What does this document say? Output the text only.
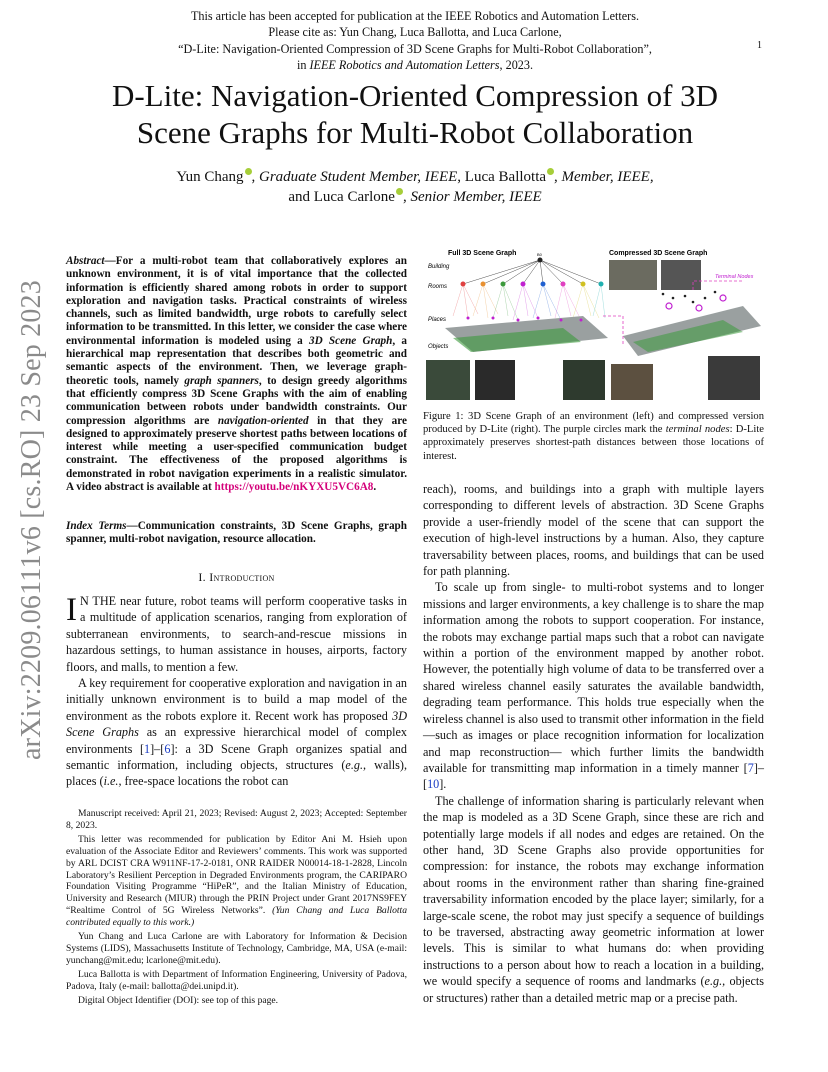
This article has been accepted for publication at the IEEE Robotics and Automation Letters.
Please cite as: Yun Chang, Luca Ballotta, and Luca Carlone,
“D-Lite: Navigation-Oriented Compression of 3D Scene Graphs for Multi-Robot Collaboration”,
in IEEE Robotics and Automation Letters, 2023.
1
D-Lite: Navigation-Oriented Compression of 3D
Scene Graphs for Multi-Robot Collaboration
Yun Chang , Graduate Student Member, IEEE, Luca Ballotta , Member, IEEE,
and Luca Carlone , Senior Member, IEEE
arXiv:2209.06111v6 [cs.RO] 23 Sep 2023
Abstract—For a multi-robot team that collaboratively explores an unknown environment, it is of vital importance that the collected information is efficiently shared among robots in order to support exploration and navigation tasks. Practical constraints of wireless channels, such as limited bandwidth, urge robots to carefully select information to be transmitted. In this letter, we consider the case where environmental information is modeled using a 3D Scene Graph, a hierarchical map representation that describes both geometric and semantic aspects of the environment. Then, we leverage graph-theoretic tools, namely graph spanners, to design greedy algorithms that efficiently compress 3D Scene Graphs with the aim of enabling communication between robots under bandwidth constraints. Our compression algorithms are navigation-oriented in that they are designed to approximately preserve shortest paths between locations of interest while meeting a user-specified communication budget constraint. The effectiveness of the proposed algorithms is demonstrated in robot navigation experiments in a realistic simulator. A video abstract is available at https://youtu.be/nKYXU5VC6A8.
Index Terms—Communication constraints, 3D Scene Graphs, graph spanner, multi-robot navigation, resource allocation.
I. Introduction

I N THE near future, robot teams will perform cooperative tasks in a multitude of application scenarios, ranging from exploration of subterranean environments, to search-and-rescue missions in hazardous settings, to human assistance in houses, airports, factory floors, and malls, to mention a few.

A key requirement for cooperative exploration and navigation in an initially unknown environment is to build a map model of the environment as the robots explore it. Recent work has proposed 3D Scene Graphs as an expressive hierarchical model of complex environments [1]–[6]: a 3D Scene Graph organizes spatial and semantic information, including objects, structures (e.g., walls), places (i.e., free-space locations the robot can

Manuscript received: April 21, 2023; Revised: August 2, 2023; Accepted: September 8, 2023.

This letter was recommended for publication by Editor Ani M. Hsieh upon evaluation of the Associate Editor and Reviewers’ comments. This work was supported by ARL DCIST CRA W911NF-17-2-0181, ONR RAIDER N00014-18-1-2828, Lincoln Laboratory’s Resilient Perception in Degraded Environments program, the CARIPARO Foundation Visiting Programme “HiPeR”, and the Italian Ministry of Education, University and Research (MIUR) through the PRIN Project under Grant 2017NS9FEY “Realtime Control of 5G Wireless Networks”. (Yun Chang and Luca Ballotta contributed equally to this work.)

Yun Chang and Luca Carlone are with Laboratory for Information & Decision Systems (LIDS), Massachusetts Institute of Technology, Cambridge, MA, USA (e-mail: yunchang@mit.edu; lcarlone@mit.edu).

Luca Ballotta is with Department of Information Engineering, University of Padova, Padova, Italy (e-mail: ballotta@dei.unipd.it).

Digital Object Identifier (DOI): see top of this page.

Full 3D Scene Graph	Compressed 3D Scene Graph
Building
Rooms
Places
Objects
B0
Terminal Nodes
Figure 1: 3D Scene Graph of an environment (left) and compressed version produced by D-Lite (right). The purple circles mark the terminal nodes: D-Lite approximately preserves shortest-path distances between those locations of interest.

reach), rooms, and buildings into a graph with multiple layers corresponding to different levels of abstraction. 3D Scene Graphs provide a user-friendly model of the scene that can support the execution of high-level instructions by a human. Also, they capture traversability between places, rooms, and buildings that can be used for path planning.

To scale up from single- to multi-robot systems and to longer missions and larger environments, a key challenge is to share the map information among the robots to support cooperation. For instance, the robots may exchange partial maps such that a robot can navigate within a portion of the environment mapped by another robot. However, the potentially high volume of data to be transferred over a shared wireless channel easily saturates the available bandwidth, degrading team performance. This holds true especially when the wireless channel is also used to transmit other information in the field —such as images or place recognition information for localization and map reconstruction— which further limits the bandwidth available for transmitting map information in a timely manner [7]–[10].

The challenge of information sharing is particularly relevant when the map is modeled as a 3D Scene Graph, since these are rich and potentially large models if all nodes and edges are retained. On the other hand, 3D Scene Graphs also provide opportunities for compression: for instance, the robots may exchange information about rooms in the environment rather than sharing fine-grained traversability information encoded by the place layer; similarly, for a large-scale scene, the robot may just specify a sequence of buildings to be traversed, abstracting away geometric information at lower levels. This is similar to what humans do: when providing instructions to a person about how to reach a location in a building, we would specify a sequence of rooms and landmarks (e.g., objects or structures) rather than a detailed metric map or a precise path.
